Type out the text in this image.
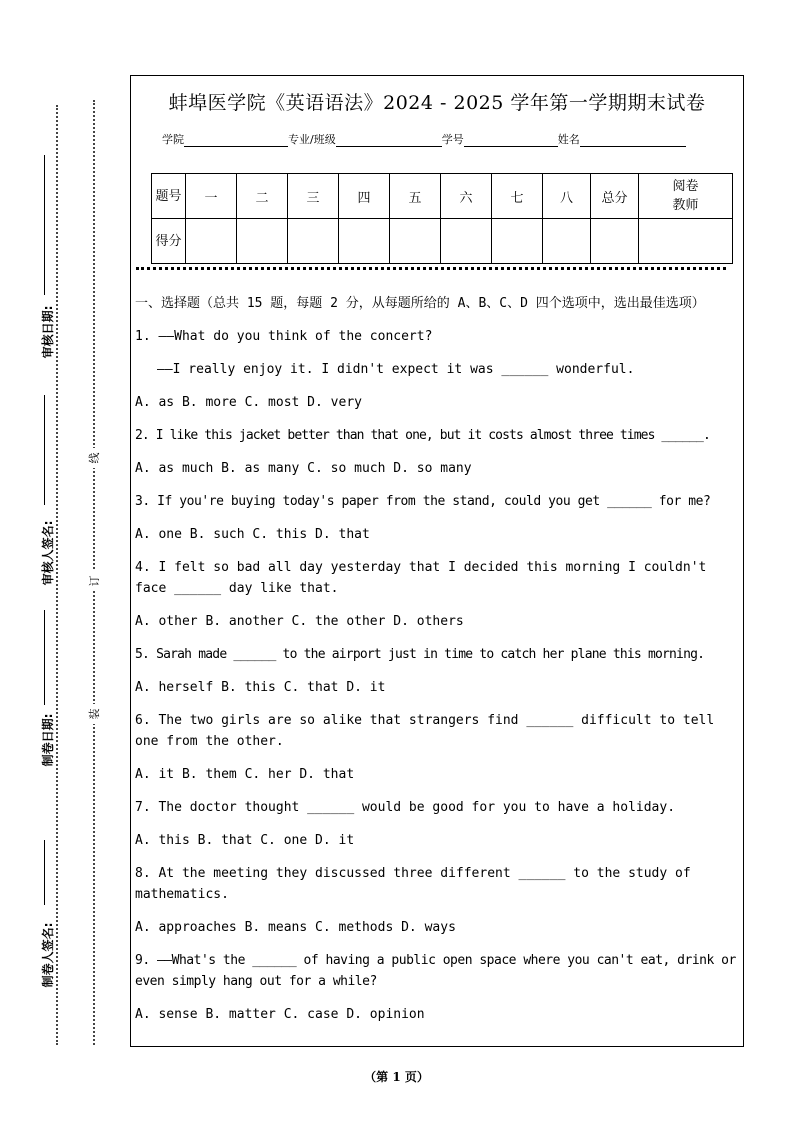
审核日期:
审核人签名:
制卷日期:
制卷人签名:
线
订
装
蚌埠医学院《英语语法》2024 - 2025 学年第一学期期末试卷
学院	专业/班级	学号	姓名
题号	一	二	三	四	五	六	七	八	总分	阅卷教师
得分										

一、选择题（总共 15 题，每题 2 分，从每题所给的 A、B、C、D 四个选项中，选出最佳选项）

1. ——What do you think of the concert?

——I really enjoy it. I didn't expect it was ______ wonderful.

A. as B. more C. most D. very

2. I like this jacket better than that one, but it costs almost three times ______.

A. as much B. as many C. so much D. so many

3. If you're buying today's paper from the stand, could you get ______ for me?

A. one B. such C. this D. that

4. I felt so bad all day yesterday that I decided this morning I couldn't face ______ day like that.

A. other B. another C. the other D. others

5. Sarah made ______ to the airport just in time to catch her plane this morning.

A. herself B. this C. that D. it

6. The two girls are so alike that strangers find ______ difficult to tell one from the other.

A. it B. them C. her D. that

7. The doctor thought ______ would be good for you to have a holiday.

A. this B. that C. one D. it

8. At the meeting they discussed three different ______ to the study of mathematics.

A. approaches B. means C. methods D. ways

9. ——What's the ______ of having a public open space where you can't eat, drink or even simply hang out for a while?

A. sense B. matter C. case D. opinion

（第 1 页）
